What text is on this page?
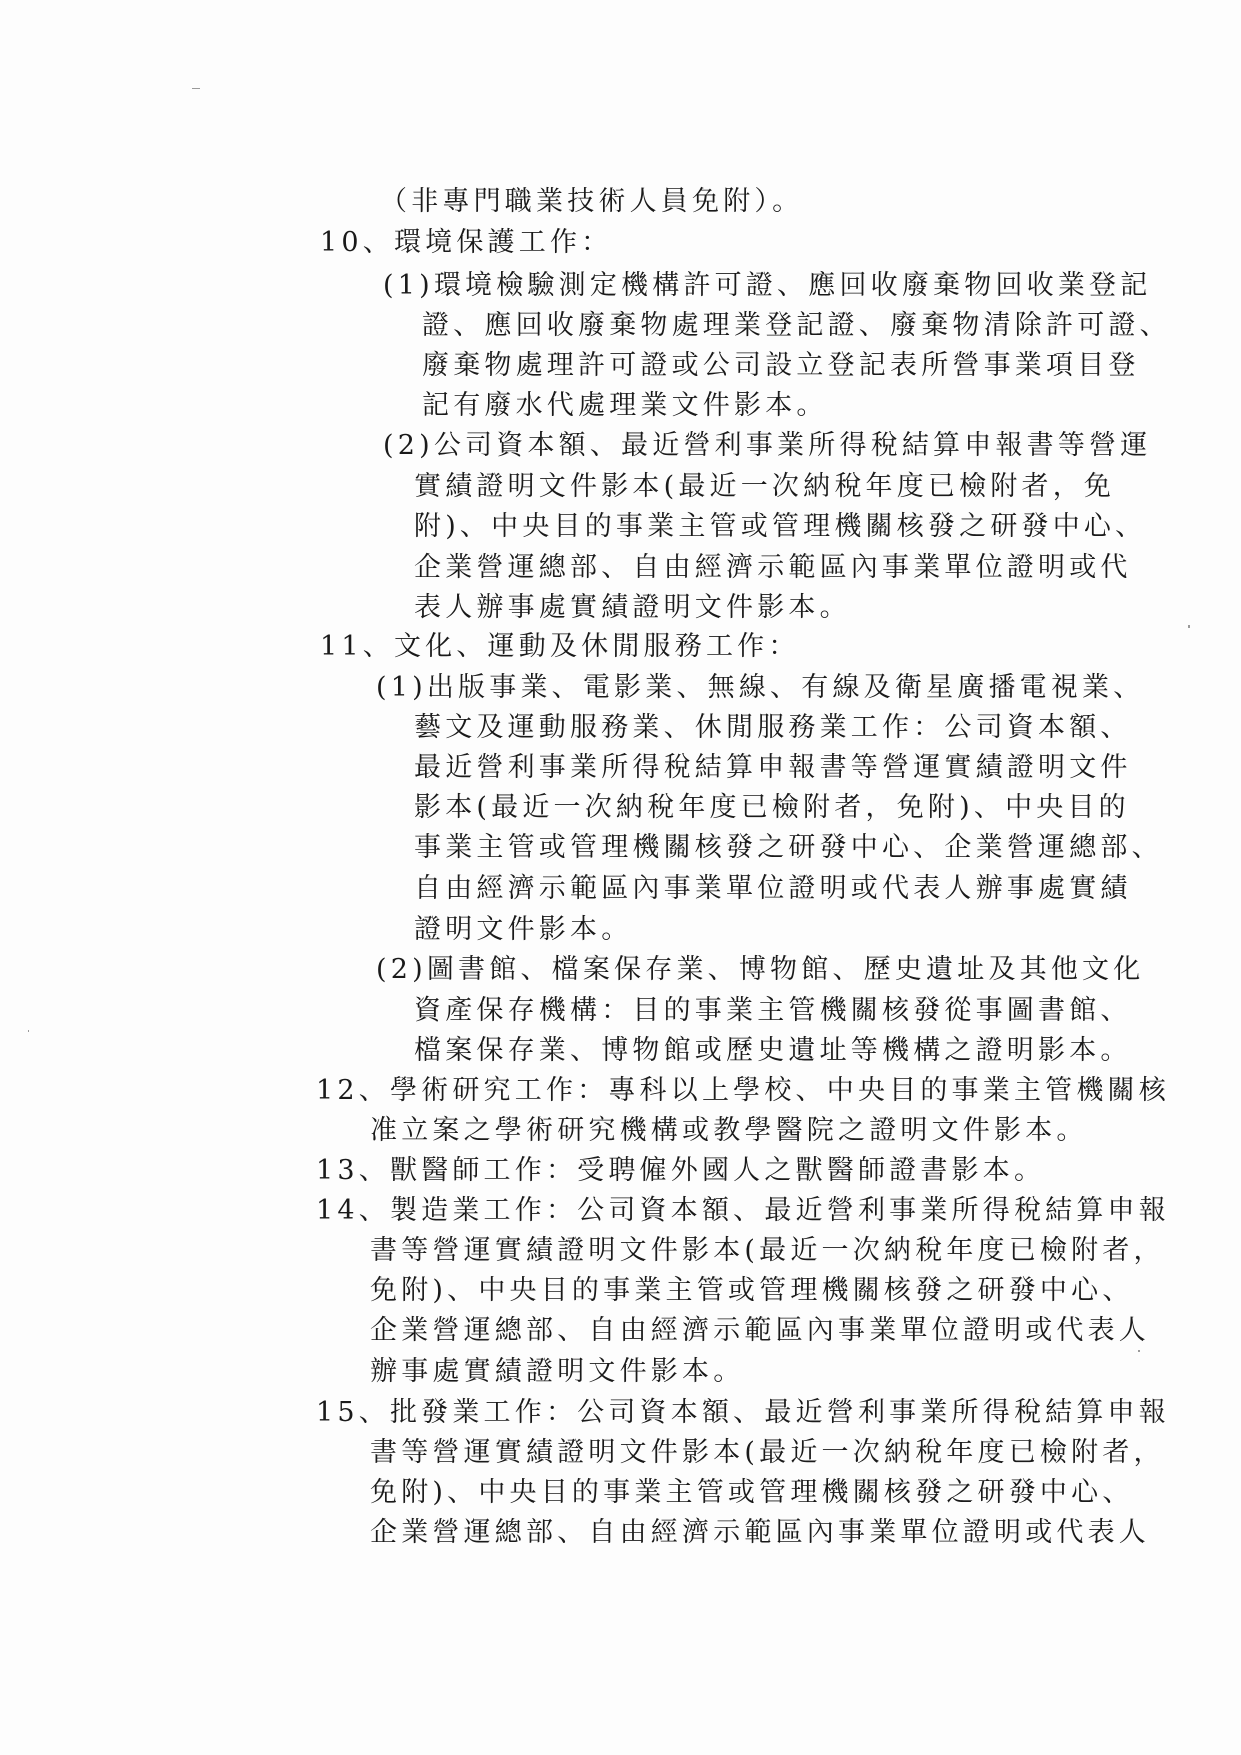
（非專門職業技術人員免附）。
10、環境保護工作：
(1)環境檢驗測定機構許可證、應回收廢棄物回收業登記
證、應回收廢棄物處理業登記證、廢棄物清除許可證、
廢棄物處理許可證或公司設立登記表所營事業項目登
記有廢水代處理業文件影本。
(2)公司資本額、最近營利事業所得稅結算申報書等營運
實績證明文件影本(最近一次納稅年度已檢附者，免
附)、中央目的事業主管或管理機關核發之研發中心、
企業營運總部、自由經濟示範區內事業單位證明或代
表人辦事處實績證明文件影本。
11、文化、運動及休閒服務工作：
(1)出版事業、電影業、無線、有線及衛星廣播電視業、
藝文及運動服務業、休閒服務業工作：公司資本額、
最近營利事業所得稅結算申報書等營運實績證明文件
影本(最近一次納稅年度已檢附者，免附)、中央目的
事業主管或管理機關核發之研發中心、企業營運總部、
自由經濟示範區內事業單位證明或代表人辦事處實績
證明文件影本。
(2)圖書館、檔案保存業、博物館、歷史遺址及其他文化
資產保存機構：目的事業主管機關核發從事圖書館、
檔案保存業、博物館或歷史遺址等機構之證明影本。
12、學術研究工作：專科以上學校、中央目的事業主管機關核
准立案之學術研究機構或教學醫院之證明文件影本。
13、獸醫師工作：受聘僱外國人之獸醫師證書影本。
14、製造業工作：公司資本額、最近營利事業所得稅結算申報
書等營運實績證明文件影本(最近一次納稅年度已檢附者，
免附)、中央目的事業主管或管理機關核發之研發中心、
企業營運總部、自由經濟示範區內事業單位證明或代表人
辦事處實績證明文件影本。
15、批發業工作：公司資本額、最近營利事業所得稅結算申報
書等營運實績證明文件影本(最近一次納稅年度已檢附者，
免附)、中央目的事業主管或管理機關核發之研發中心、
企業營運總部、自由經濟示範區內事業單位證明或代表人
